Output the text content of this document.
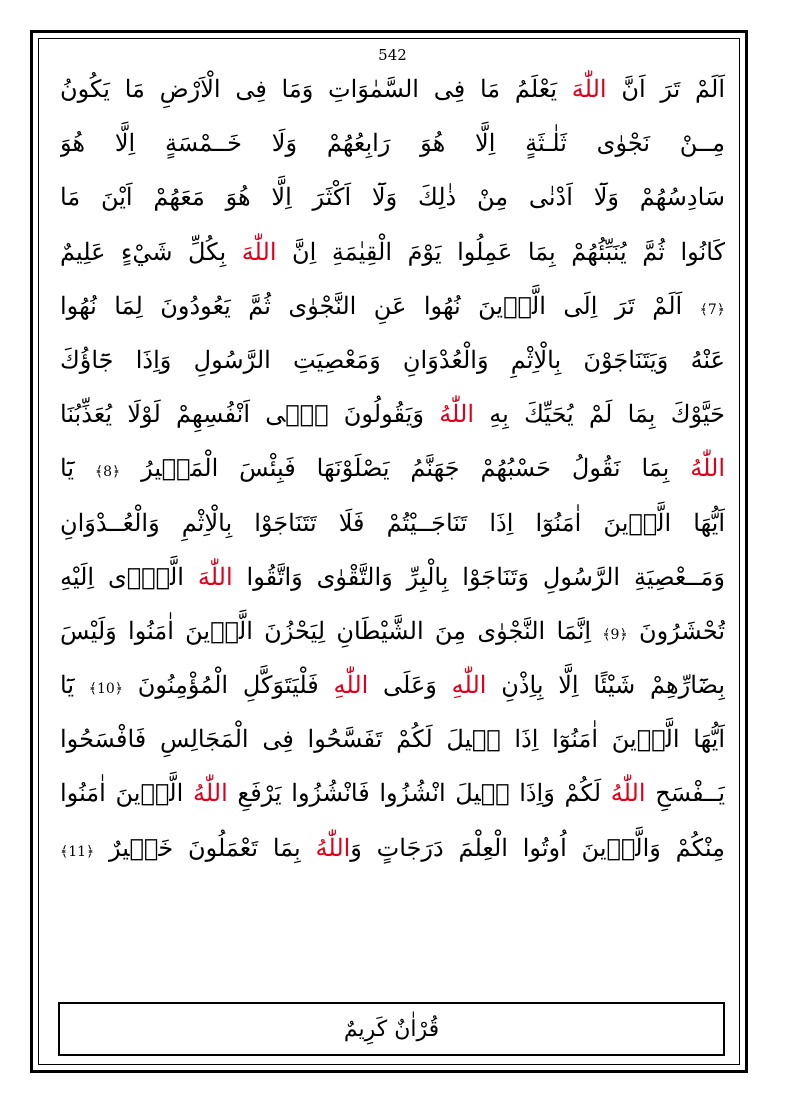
542
اَلَمْ تَرَ اَنَّ اللّٰهَ يَعْلَمُ مَا فِى السَّمٰوَاتِ وَمَا فِى الْاَرْضِ مَا يَكُونُ
مِــنْ نَجْوٰى ثَلٰـثَةٍ اِلَّا هُوَ رَابِعُهُمْ وَلَا خَــمْسَةٍ اِلَّا هُوَ
سَادِسُهُمْ وَلَٓا اَدْنٰى مِنْ ذٰلِكَ وَلَٓا اَكْثَرَ اِلَّا هُوَ مَعَهُمْ اَيْنَ مَا
كَانُوا ثُمَّ يُنَبِّئُهُمْ بِمَا عَمِلُوا يَوْمَ الْقِيٰمَةِ اِنَّ اللّٰهَ بِكُلِّ شَيْءٍ عَلِيمٌ
﴿7﴾ اَلَمْ تَرَ اِلَى الَّذٖينَ نُهُوا عَنِ النَّجْوٰى ثُمَّ يَعُودُونَ لِمَا نُهُوا
عَنْهُ وَيَتَنَاجَوْنَ بِالْاِثْمِ وَالْعُدْوَانِ وَمَعْصِيَتِ الرَّسُولِ وَاِذَا جَٓاؤُكَ
حَيَّوْكَ بِمَا لَمْ يُحَيِّكَ بِهِ اللّٰهُ وَيَقُولُونَ فٖٓى اَنْفُسِهِمْ لَوْلَا يُعَذِّبُنَا
اللّٰهُ بِمَا نَقُولُ حَسْبُهُمْ جَهَنَّمُ يَصْلَوْنَهَا فَبِئْسَ الْمَصٖيرُ ﴿8﴾ يَٓا
اَيُّهَا الَّذٖينَ اٰمَنُوٓا اِذَا تَنَاجَــيْتُمْ فَلَا تَتَنَاجَوْا بِالْاِثْمِ وَالْعُــدْوَانِ
وَمَــعْصِيَةِ الرَّسُولِ وَتَنَاجَوْا بِالْبِرِّ وَالتَّقْوٰى وَاتَّقُوا اللّٰهَ الَّذٖٓى اِلَيْهِ
تُحْشَرُونَ ﴿9﴾ اِنَّمَا النَّجْوٰى مِنَ الشَّيْطَانِ لِيَحْزُنَ الَّذٖينَ اٰمَنُوا وَلَيْسَ
بِضَٓارِّهِمْ شَيْئًا اِلَّا بِاِذْنِ اللّٰهِ وَعَلَى اللّٰهِ فَلْيَتَوَكَّلِ الْمُؤْمِنُونَ ﴿10﴾ يَٓا
اَيُّهَا الَّذٖينَ اٰمَنُوٓا اِذَا قٖيلَ لَكُمْ تَفَسَّحُوا فِى الْمَجَالِسِ فَافْسَحُوا
يَــفْسَحِ اللّٰهُ لَكُمْ وَاِذَا قٖيلَ انْشُزُوا فَانْشُزُوا يَرْفَعِ اللّٰهُ الَّذٖينَ اٰمَنُوا
مِنْكُمْ وَالَّذٖينَ اُوتُوا الْعِلْمَ دَرَجَاتٍ وَاللّٰهُ بِمَا تَعْمَلُونَ خَبٖيرٌ ﴿11﴾
قُرْاٰنٌ كَرِيمٌ
